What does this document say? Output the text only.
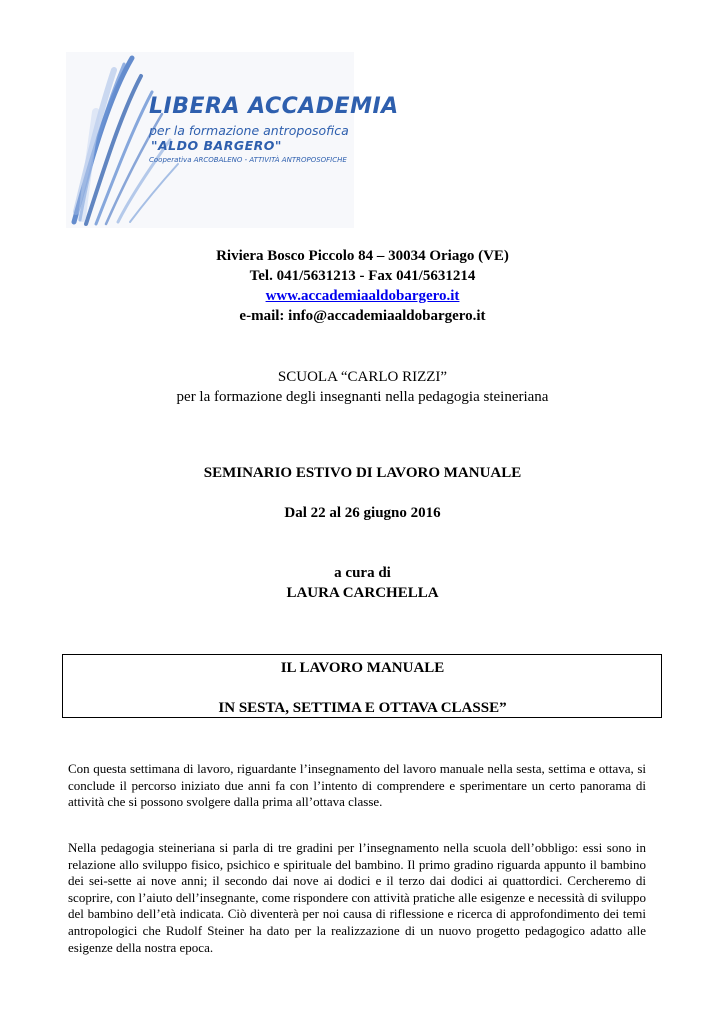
LIBERA ACCADEMIA
per la formazione antroposofica
"ALDO BARGERO"
Cooperativa ARCOBALENO - ATTIVITÀ ANTROPOSOFICHE
Riviera Bosco Piccolo 84 – 30034 Oriago (VE)
Tel. 041/5631213 - Fax 041/5631214
www.accademiaaldobargero.it
e-mail: info@accademiaaldobargero.it
SCUOLA “CARLO RIZZI”
per la formazione degli insegnanti nella pedagogia steineriana
SEMINARIO ESTIVO DI LAVORO MANUALE
Dal 22 al 26 giugno 2016
a cura di
LAURA CARCHELLA
IL LAVORO MANUALE
IN SESTA, SETTIMA E OTTAVA CLASSE”
Con questa settimana di lavoro, riguardante l’insegnamento del lavoro manuale nella sesta, settima e ottava, si conclude il percorso iniziato due anni fa con l’intento di comprendere e sperimentare un certo panorama di attività che si possono svolgere dalla prima all’ottava classe.
Nella pedagogia steineriana si parla di tre gradini per l’insegnamento nella scuola dell’obbligo: essi sono in relazione allo sviluppo fisico, psichico e spirituale del bambino. Il primo gradino riguarda appunto il bambino dei sei-sette ai nove anni; il secondo dai nove ai dodici e il terzo dai dodici ai quattordici. Cercheremo di scoprire, con l’aiuto dell’insegnante, come rispondere con attività pratiche alle esigenze e necessità di sviluppo del bambino dell’età indicata. Ciò diventerà per noi causa di riflessione e ricerca di approfondimento dei temi antropologici che Rudolf Steiner ha dato per la realizzazione di un nuovo progetto pedagogico adatto alle esigenze della nostra epoca.
